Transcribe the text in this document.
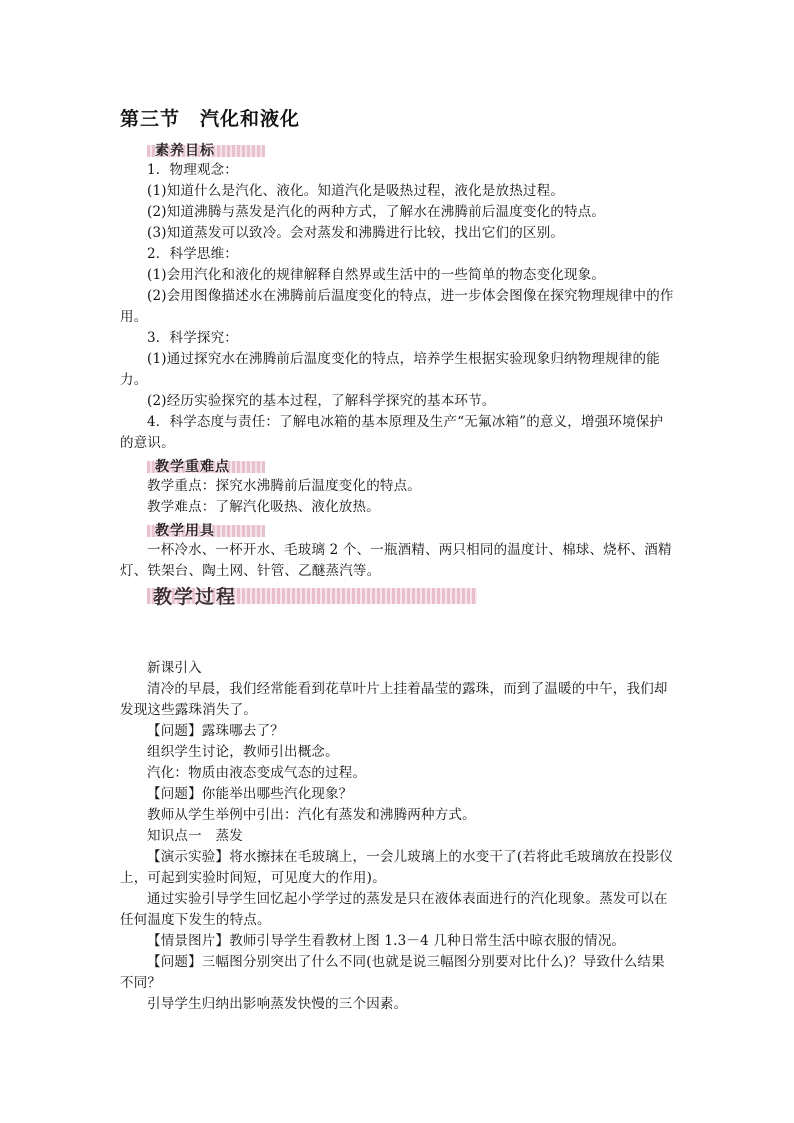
第三节 汽化和液化
素养目标

1．物理观念：

(1)知道什么是汽化、液化。知道汽化是吸热过程，液化是放热过程。

(2)知道沸腾与蒸发是汽化的两种方式，了解水在沸腾前后温度变化的特点。

(3)知道蒸发可以致冷。会对蒸发和沸腾进行比较，找出它们的区别。

2．科学思维：

(1)会用汽化和液化的规律解释自然界或生活中的一些简单的物态变化现象。

(2)会用图像描述水在沸腾前后温度变化的特点，进一步体会图像在探究物理规律中的作用。

3．科学探究：

(1)通过探究水在沸腾前后温度变化的特点，培养学生根据实验现象归纳物理规律的能力。

(2)经历实验探究的基本过程，了解科学探究的基本环节。

4．科学态度与责任：了解电冰箱的基本原理及生产“无氟冰箱”的意义，增强环境保护的意识。

教学重难点

教学重点：探究水沸腾前后温度变化的特点。

教学难点：了解汽化吸热、液化放热。

教学用具

一杯冷水、一杯开水、毛玻璃 2 个、一瓶酒精、两只相同的温度计、棉球、烧杯、酒精灯、铁架台、陶土网、针管、乙醚蒸汽等。

教学过程

新课引入

清冷的早晨，我们经常能看到花草叶片上挂着晶莹的露珠，而到了温暖的中午，我们却发现这些露珠消失了。

【问题】露珠哪去了？

组织学生讨论，教师引出概念。

汽化：物质由液态变成气态的过程。

【问题】你能举出哪些汽化现象？

教师从学生举例中引出：汽化有蒸发和沸腾两种方式。

知识点一　蒸发

【演示实验】将水擦抹在毛玻璃上，一会儿玻璃上的水变干了(若将此毛玻璃放在投影仪上，可起到实验时间短，可见度大的作用)。

通过实验引导学生回忆起小学学过的蒸发是只在液体表面进行的汽化现象。蒸发可以在任何温度下发生的特点。

【情景图片】教师引导学生看教材上图 1.3－4 几种日常生活中晾衣服的情况。

【问题】三幅图分别突出了什么不同(也就是说三幅图分别要对比什么)？导致什么结果不同？

引导学生归纳出影响蒸发快慢的三个因素。
